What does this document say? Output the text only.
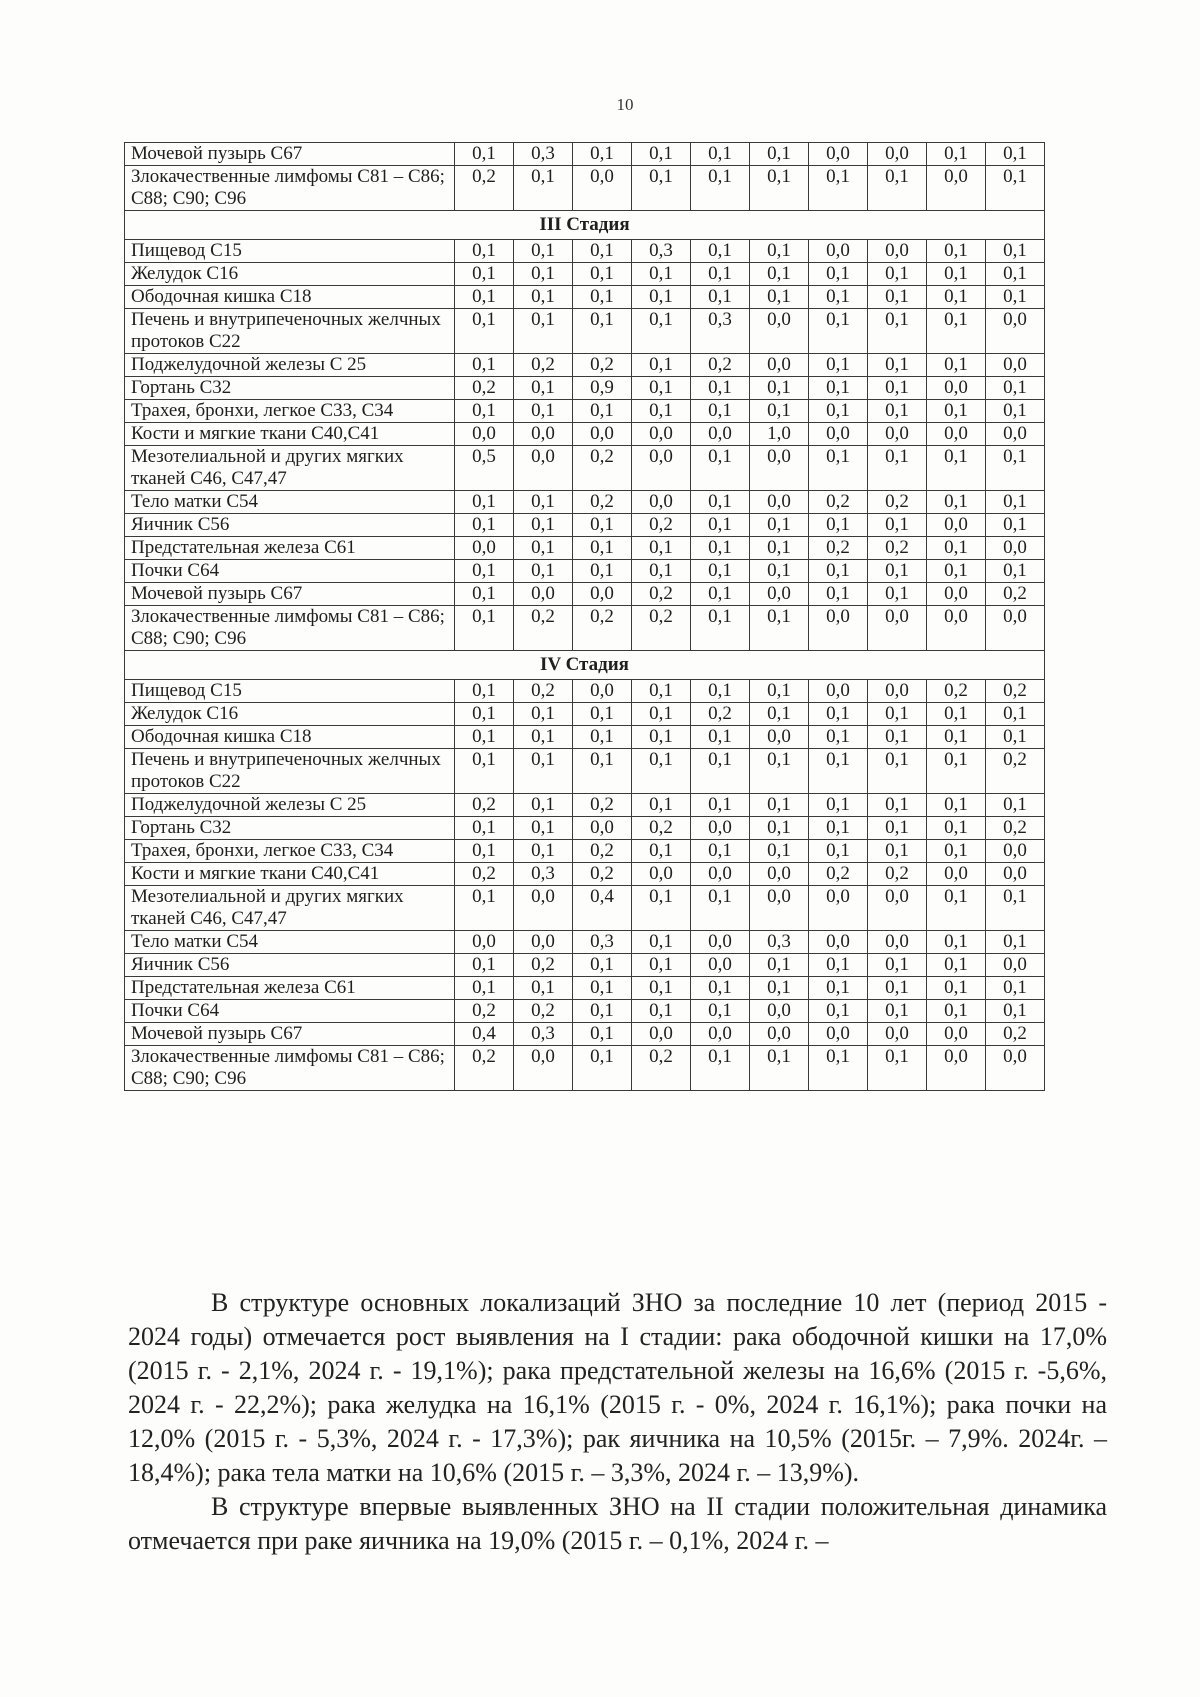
10
Мочевой пузырь С67	0,1	0,3	0,1	0,1	0,1	0,1	0,0	0,0	0,1	0,1
Злокачественные лимфомы С81 – С86; С88; С90; С96	0,2	0,1	0,0	0,1	0,1	0,1	0,1	0,1	0,0	0,1
III Стадия										
Пищевод С15	0,1	0,1	0,1	0,3	0,1	0,1	0,0	0,0	0,1	0,1
Желудок С16	0,1	0,1	0,1	0,1	0,1	0,1	0,1	0,1	0,1	0,1
Ободочная кишка С18	0,1	0,1	0,1	0,1	0,1	0,1	0,1	0,1	0,1	0,1
Печень и внутрипеченочных желчных протоков С22	0,1	0,1	0,1	0,1	0,3	0,0	0,1	0,1	0,1	0,0
Поджелудочной железы С 25	0,1	0,2	0,2	0,1	0,2	0,0	0,1	0,1	0,1	0,0
Гортань С32	0,2	0,1	0,9	0,1	0,1	0,1	0,1	0,1	0,0	0,1
Трахея, бронхи, легкое С33, С34	0,1	0,1	0,1	0,1	0,1	0,1	0,1	0,1	0,1	0,1
Кости и мягкие ткани С40,С41	0,0	0,0	0,0	0,0	0,0	1,0	0,0	0,0	0,0	0,0
Мезотелиальной и других мягких тканей С46, С47,47	0,5	0,0	0,2	0,0	0,1	0,0	0,1	0,1	0,1	0,1
Тело матки С54	0,1	0,1	0,2	0,0	0,1	0,0	0,2	0,2	0,1	0,1
Яичник С56	0,1	0,1	0,1	0,2	0,1	0,1	0,1	0,1	0,0	0,1
Предстательная железа С61	0,0	0,1	0,1	0,1	0,1	0,1	0,2	0,2	0,1	0,0
Почки С64	0,1	0,1	0,1	0,1	0,1	0,1	0,1	0,1	0,1	0,1
Мочевой пузырь С67	0,1	0,0	0,0	0,2	0,1	0,0	0,1	0,1	0,0	0,2
Злокачественные лимфомы С81 – С86; С88; С90; С96	0,1	0,2	0,2	0,2	0,1	0,1	0,0	0,0	0,0	0,0
IV Стадия										
Пищевод С15	0,1	0,2	0,0	0,1	0,1	0,1	0,0	0,0	0,2	0,2
Желудок С16	0,1	0,1	0,1	0,1	0,2	0,1	0,1	0,1	0,1	0,1
Ободочная кишка С18	0,1	0,1	0,1	0,1	0,1	0,0	0,1	0,1	0,1	0,1
Печень и внутрипеченочных желчных протоков С22	0,1	0,1	0,1	0,1	0,1	0,1	0,1	0,1	0,1	0,2
Поджелудочной железы С 25	0,2	0,1	0,2	0,1	0,1	0,1	0,1	0,1	0,1	0,1
Гортань С32	0,1	0,1	0,0	0,2	0,0	0,1	0,1	0,1	0,1	0,2
Трахея, бронхи, легкое С33, С34	0,1	0,1	0,2	0,1	0,1	0,1	0,1	0,1	0,1	0,0
Кости и мягкие ткани С40,С41	0,2	0,3	0,2	0,0	0,0	0,0	0,2	0,2	0,0	0,0
Мезотелиальной и других мягких тканей С46, С47,47	0,1	0,0	0,4	0,1	0,1	0,0	0,0	0,0	0,1	0,1
Тело матки С54	0,0	0,0	0,3	0,1	0,0	0,3	0,0	0,0	0,1	0,1
Яичник С56	0,1	0,2	0,1	0,1	0,0	0,1	0,1	0,1	0,1	0,0
Предстательная железа С61	0,1	0,1	0,1	0,1	0,1	0,1	0,1	0,1	0,1	0,1
Почки С64	0,2	0,2	0,1	0,1	0,1	0,0	0,1	0,1	0,1	0,1
Мочевой пузырь С67	0,4	0,3	0,1	0,0	0,0	0,0	0,0	0,0	0,0	0,2
Злокачественные лимфомы С81 – С86; С88; С90; С96	0,2	0,0	0,1	0,2	0,1	0,1	0,1	0,1	0,0	0,0

В структуре основных локализаций ЗНО за последние 10 лет (период 2015 - 2024 годы) отмечается рост выявления на I стадии: рака ободочной кишки на 17,0% (2015 г. - 2,1%, 2024 г. - 19,1%); рака предстательной железы на 16,6% (2015 г. -5,6%, 2024 г. - 22,2%); рака желудка на 16,1% (2015 г. - 0%, 2024 г. 16,1%); рака почки на 12,0% (2015 г. - 5,3%, 2024 г. - 17,3%); рак яичника на 10,5% (2015г. – 7,9%. 2024г. – 18,4%); рака тела матки на 10,6% (2015 г. – 3,3%, 2024 г. – 13,9%).

В структуре впервые выявленных ЗНО на II стадии положительная динамика отмечается при раке яичника на 19,0% (2015 г. – 0,1%, 2024 г. –
